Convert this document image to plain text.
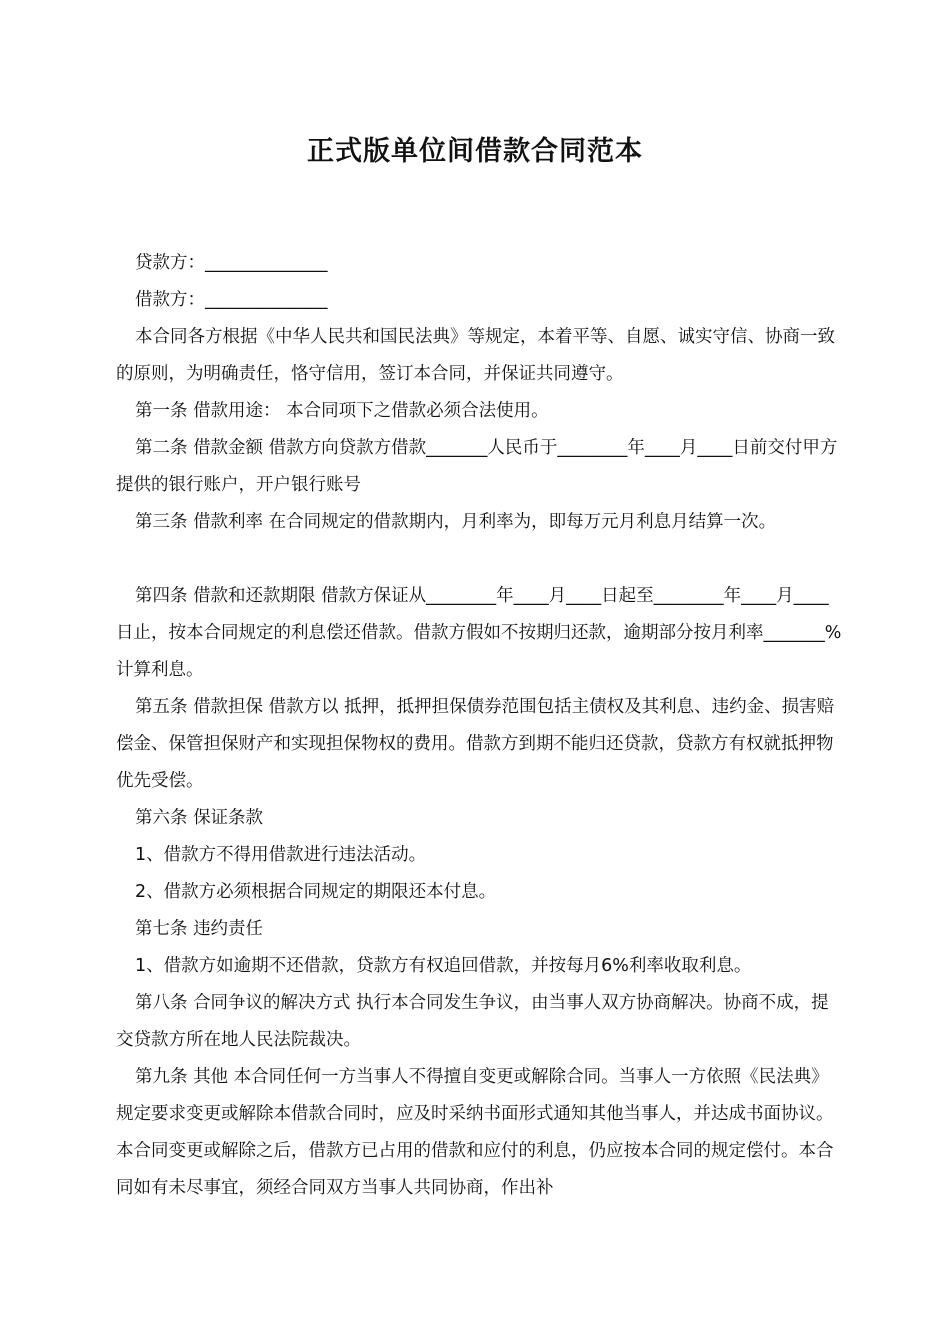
正式版单位间借款合同范本

贷款方：______________

借款方：______________

本合同各方根据《中华人民共和国民法典》等规定，本着平等、自愿、诚实守信、协商一致的原则，为明确责任，恪守信用，签订本合同，并保证共同遵守。

第一条 借款用途： 本合同项下之借款必须合法使用。

第二条 借款金额 借款方向贷款方借款_______人民币于________年____月____日前交付甲方提供的银行账户，开户银行账号

第三条 借款利率 在合同规定的借款期内，月利率为，即每万元月利息月结算一次。

第四条 借款和还款期限 借款方保证从________年____月____日起至________年____月____日止，按本合同规定的利息偿还借款。借款方假如不按期归还款，逾期部分按月利率_______%计算利息。

第五条 借款担保 借款方以 抵押，抵押担保债券范围包括主债权及其利息、违约金、损害赔偿金、保管担保财产和实现担保物权的费用。借款方到期不能归还贷款，贷款方有权就抵押物优先受偿。

第六条 保证条款

1、借款方不得用借款进行违法活动。

2、借款方必须根据合同规定的期限还本付息。

第七条 违约责任

1、借款方如逾期不还借款，贷款方有权追回借款，并按每月6%利率收取利息。

第八条 合同争议的解决方式 执行本合同发生争议，由当事人双方协商解决。协商不成，提交贷款方所在地人民法院裁决。

第九条 其他 本合同任何一方当事人不得擅自变更或解除合同。当事人一方依照《民法典》规定要求变更或解除本借款合同时，应及时采纳书面形式通知其他当事人，并达成书面协议。本合同变更或解除之后，借款方已占用的借款和应付的利息，仍应按本合同的规定偿付。本合同如有未尽事宜，须经合同双方当事人共同协商，作出补
